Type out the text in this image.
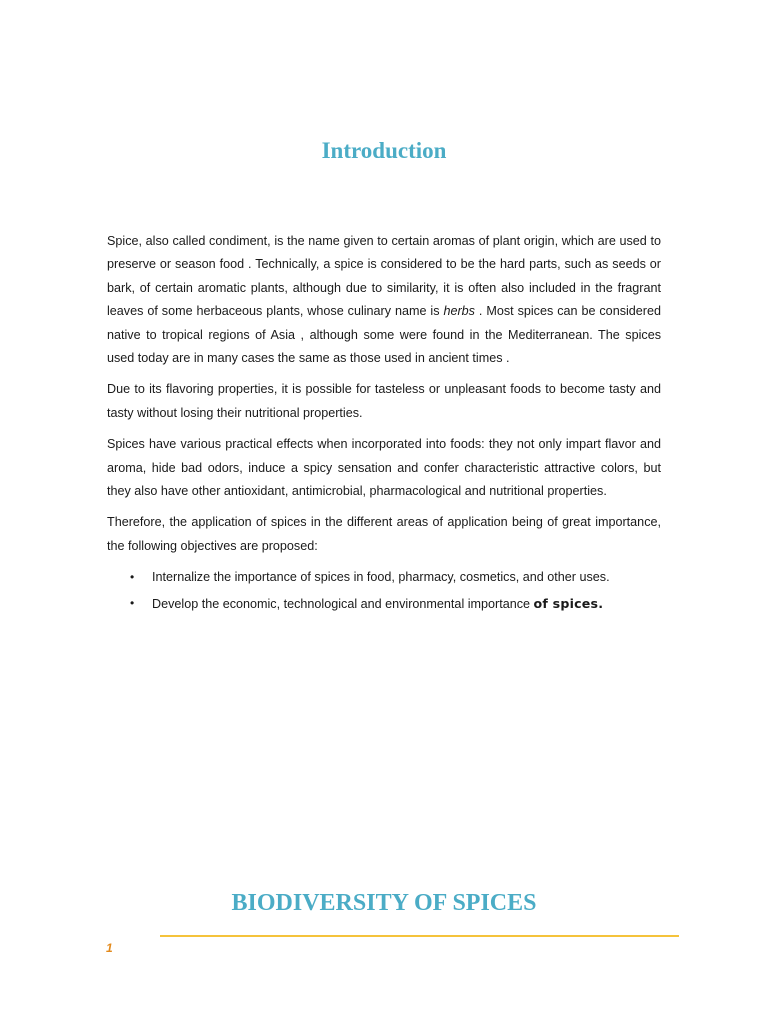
Introduction

Spice, also called condiment, is the name given to certain aromas of plant origin, which are used to preserve or season food . Technically, a spice is considered to be the hard parts, such as seeds or bark, of certain aromatic plants, although due to similarity, it is often also included in the fragrant leaves of some herbaceous plants, whose culinary name is herbs . Most spices can be considered native to tropical regions of Asia , although some were found in the Mediterranean. The spices used today are in many cases the same as those used in ancient times .

Due to its flavoring properties, it is possible for tasteless or unpleasant foods to become tasty and tasty without losing their nutritional properties.

Spices have various practical effects when incorporated into foods: they not only impart flavor and aroma, hide bad odors, induce a spicy sensation and confer characteristic attractive colors, but they also have other antioxidant, antimicrobial, pharmacological and nutritional properties.

Therefore, the application of spices in the different areas of application being of great importance, the following objectives are proposed:

• Internalize the importance of spices in food, pharmacy, cosmetics, and other uses.
• Develop the economic, technological and environmental importance of spices.
BIODIVERSITY OF SPICES
1
